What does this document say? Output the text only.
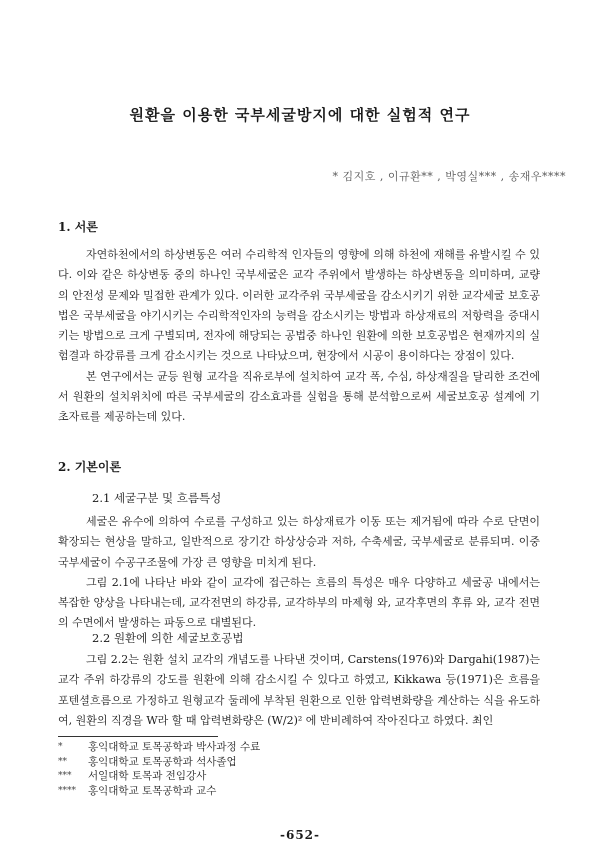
원환을 이용한 국부세굴방지에 대한 실험적 연구
* 김지호 , 이규환** , 박영실*** , 송재우****
1. 서론

자연하천에서의 하상변동은 여러 수리학적 인자들의 영향에 의해 하천에 재해를 유발시킬 수 있다. 이와 같은 하상변동 중의 하나인 국부세굴은 교각 주위에서 발생하는 하상변동을 의미하며, 교량의 안전성 문제와 밀접한 관계가 있다. 이러한 교각주위 국부세굴을 감소시키기 위한 교각세굴 보호공법은 국부세굴을 야기시키는 수리학적인자의 능력을 감소시키는 방법과 하상재료의 저항력을 증대시키는 방법으로 크게 구별되며, 전자에 해당되는 공법중 하나인 원환에 의한 보호공법은 현재까지의 실험결과 하강류를 크게 감소시키는 것으로 나타났으며, 현장에서 시공이 용이하다는 장점이 있다.

본 연구에서는 균등 원형 교각을 직유로부에 설치하여 교각 폭, 수심, 하상재질을 달리한 조건에서 원환의 설치위치에 따른 국부세굴의 감소효과를 실험을 통해 분석함으로써 세굴보호공 설계에 기초자료를 제공하는데 있다.

2. 기본이론
2.1 세굴구분 및 흐름특성

세굴은 유수에 의하여 수로를 구성하고 있는 하상재료가 이동 또는 제거됨에 따라 수로 단면이 확장되는 현상을 말하고, 일반적으로 장기간 하상상승과 저하, 수축세굴, 국부세굴로 분류되며. 이중 국부세굴이 수공구조물에 가장 큰 영향을 미치게 된다.

그림 2.1에 나타난 바와 같이 교각에 접근하는 흐름의 특성은 매우 다양하고 세굴공 내에서는 복잡한 양상을 나타내는데, 교각전면의 하강류, 교각하부의 마제형 와, 교각후면의 후류 와, 교각 전면의 수면에서 발생하는 파동으로 대별된다.

2.2 원환에 의한 세굴보호공법

그림 2.2는 원환 설치 교각의 개념도를 나타낸 것이며, Carstens(1976)와 Dargahi(1987)는 교각 주위 하강류의 강도를 원환에 의해 감소시킬 수 있다고 하였고, Kikkawa 등(1971)은 흐름을 포텐셜흐름으로 가정하고 원형교각 둘레에 부착된 원환으로 인한 압력변화량을 계산하는 식을 유도하여, 원환의 직경을 W라 할 때 압력변화량은 (W/2)² 에 반비례하여 작아진다고 하였다. 최인

*	홍익대학교 토목공학과 박사과정 수료
**	홍익대학교 토목공학과 석사졸업
***	서일대학 토목과 전임강사
****	홍익대학교 토목공학과 교수
-652-
